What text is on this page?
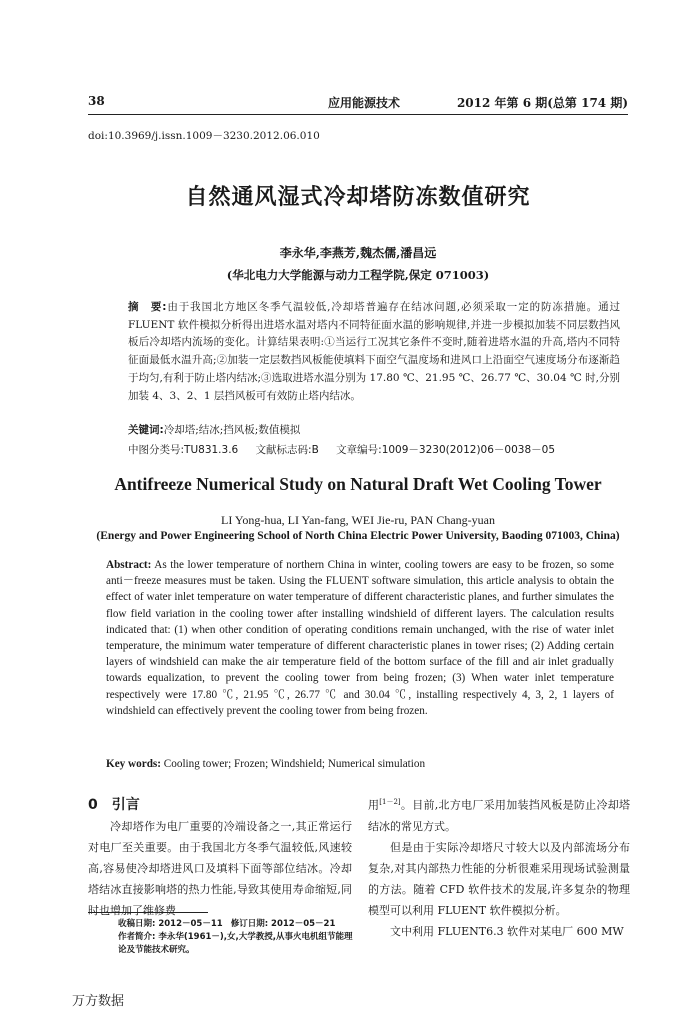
38	应用能源技术	2012 年第 6 期(总第 174 期)
doi:10.3969/j.issn.1009－3230.2012.06.010
自然通风湿式冷却塔防冻数值研究
李永华,李燕芳,魏杰儒,潘昌远
(华北电力大学能源与动力工程学院,保定 071003)
摘　要:由于我国北方地区冬季气温较低,冷却塔普遍存在结冰问题,必须采取一定的防冻措施。通过 FLUENT 软件模拟分析得出进塔水温对塔内不同特征面水温的影响规律,并进一步模拟加装不同层数挡风板后冷却塔内流场的变化。计算结果表明:①当运行工况其它条件不变时,随着进塔水温的升高,塔内不同特征面最低水温升高;②加装一定层数挡风板能使填料下面空气温度场和进风口上沿面空气速度场分布逐渐趋于均匀,有利于防止塔内结冰;③选取进塔水温分别为 17.80 ℃、21.95 ℃、26.77 ℃、30.04 ℃ 时,分别加装 4、3、2、1 层挡风板可有效防止塔内结冰。
关键词:冷却塔;结冰;挡风板;数值模拟
中图分类号:TU831.3.6 文献标志码:B 文章编号:1009－3230(2012)06－0038－05
Antifreeze Numerical Study on Natural Draft Wet Cooling Tower
LI Yong-hua, LI Yan-fang, WEI Jie-ru, PAN Chang-yuan
(Energy and Power Engineering School of North China Electric Power University, Baoding 071003, China)
Abstract: As the lower temperature of northern China in winter, cooling towers are easy to be frozen, so some anti－freeze measures must be taken. Using the FLUENT software simulation, this article analysis to obtain the effect of water inlet temperature on water temperature of different characteristic planes, and further simulates the flow field variation in the cooling tower after installing windshield of different layers. The calculation results indicated that: (1) when other condition of operating conditions remain unchanged, with the rise of water inlet temperature, the minimum water temperature of different characteristic planes in tower rises; (2) Adding certain layers of windshield can make the air temperature field of the bottom surface of the fill and air inlet gradually towards equalization, to prevent the cooling tower from being frozen; (3) When water inlet temperature respectively were 17.80 ℃, 21.95 ℃, 26.77 ℃ and 30.04 ℃, installing respectively 4, 3, 2, 1 layers of windshield can effectively prevent the cooling tower from being frozen.
Key words: Cooling tower; Frozen; Windshield; Numerical simulation
0 引言
冷却塔作为电厂重要的冷端设备之一,其正常运行对电厂至关重要。由于我国北方冬季气温较低,风速较高,容易使冷却塔进风口及填料下面等部位结冰。冷却塔结冰直接影响塔的热力性能,导致其使用寿命缩短,同时也增加了维修费

用[1－2]。目前,北方电厂采用加装挡风板是防止冷却塔结冰的常见方式。

但是由于实际冷却塔尺寸较大以及内部流场分布复杂,对其内部热力性能的分析很难采用现场试验测量的方法。随着 CFD 软件技术的发展,许多复杂的物理模型可以利用 FLUENT 软件模拟分析。

文中利用 FLUENT6.3 软件对某电厂 600 MW

收稿日期: 2012－05－11 修订日期: 2012－05－21
作者简介: 李永华(1961－),女,大学教授,从事火电机组节能理论及节能技术研究。
万方数据
